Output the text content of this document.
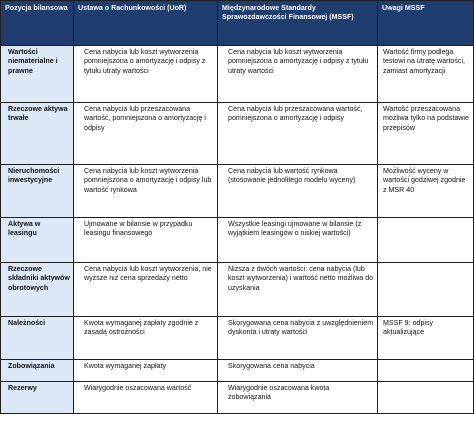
Pozycja bilansowa	Ustawa o Rachunkowości (UoR)	Międzynarodowe Standardy Sprawozdawczości Finansowej (MSSF)	Uwagi MSSF
Wartości niematerialne i prawne	Cena nabycia lub koszt wytworzenia pomniejszona o amortyzację i odpisy z tytułu utraty wartości	Cena nabycia lub koszt wytworzenia pomniejszona o amortyzację i odpisy z tytułu utraty wartości	Wartość firmy podlega testowi na utratę wartości, zamiast amortyzacji
Rzeczowe aktywa trwałe	Cena nabycia lub przeszacowana wartość, pomniejszona o amortyzację i odpisy	Cena nabycia lub przeszacowana wartość, pomniejszona o amortyzację i odpisy	Wartość przeszacowana możliwa tylko na podstawie przepisów
Nieruchomości inwestycyjne	Cena nabycia lub koszt wytworzenia pomniejszona o amortyzację i odpisy lub wartość rynkowa	Cena nabycia lub wartość rynkowa (stosowanie jednolitego modelu wyceny)	Możliwość wyceny w wartości godziwej zgodnie z MSR 40
Aktywa w leasingu	Ujmowane w bilansie w przypadku leasingu finansowego	Wszystkie leasingi ujmowane w bilansie (z wyjątkiem leasingów o niskiej wartości)	
Rzeczowe składniki aktywów obrotowych	Cena nabycia lub koszt wytworzenia, nie wyższe niż cena sprzedaży netto	Niższa z dwóch wartości: cena nabycia (lub koszt wytworzenia) i wartość netto możliwa do uzyskania	
Należności	Kwota wymaganej zapłaty zgodnie z zasadą ostrożności	Skorygowana cena nabycia z uwzględnieniem dyskonta i utraty wartości	MSSF 9: odpisy aktualizujące
Zobowiązania	Kwota wymaganej zapłaty	Skorygowana cena nabycia	
Rezerwy	Wiarygodnie oszacowana wartość	Wiarygodnie oszacowana kwota zobowiązania	
